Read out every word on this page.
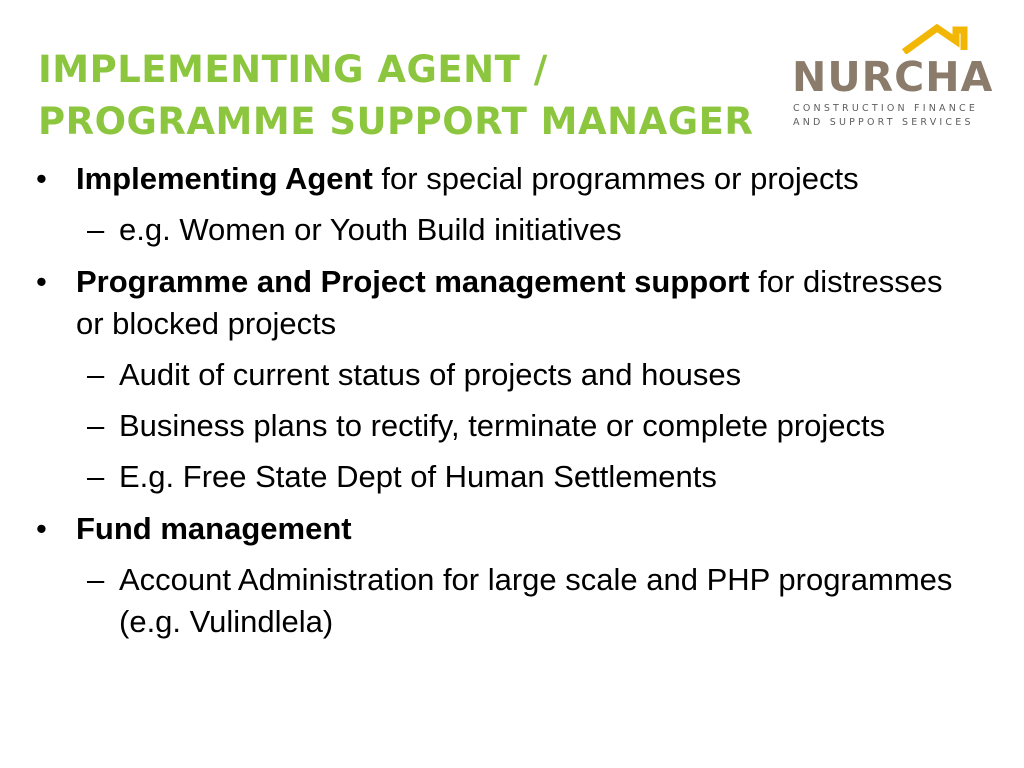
IMPLEMENTING AGENT /
PROGRAMME SUPPORT MANAGER
NURCHA
CONSTRUCTION FINANCE
AND SUPPORT SERVICES
• Implementing Agent for special programmes or projects
– e.g. Women or Youth Build initiatives
• Programme and Project management support for distresses or blocked projects
– Audit of current status of projects and houses
– Business plans to rectify, terminate or complete projects
– E.g. Free State Dept of Human Settlements
• Fund management
– Account Administration for large scale and PHP programmes (e.g. Vulindlela)
